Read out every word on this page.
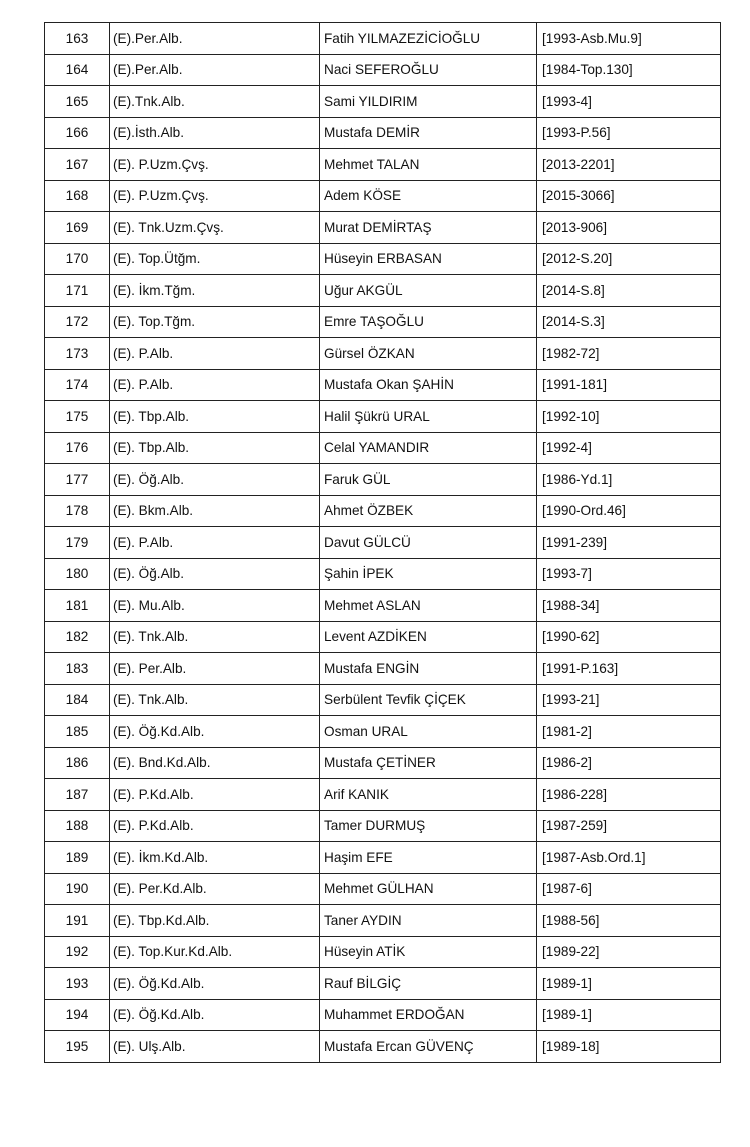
163	(E).Per.Alb.	Fatih YILMAZEZİCİOĞLU	[1993-Asb.Mu.9]
164	(E).Per.Alb.	Naci SEFEROĞLU	[1984-Top.130]
165	(E).Tnk.Alb.	Sami YILDIRIM	[1993-4]
166	(E).İsth.Alb.	Mustafa DEMİR	[1993-P.56]
167	(E). P.Uzm.Çvş.	Mehmet TALAN	[2013-2201]
168	(E). P.Uzm.Çvş.	Adem KÖSE	[2015-3066]
169	(E). Tnk.Uzm.Çvş.	Murat DEMİRTAŞ	[2013-906]
170	(E). Top.Ütğm.	Hüseyin ERBASAN	[2012-S.20]
171	(E). İkm.Tğm.	Uğur AKGÜL	[2014-S.8]
172	(E). Top.Tğm.	Emre TAŞOĞLU	[2014-S.3]
173	(E). P.Alb.	Gürsel ÖZKAN	[1982-72]
174	(E). P.Alb.	Mustafa Okan ŞAHİN	[1991-181]
175	(E). Tbp.Alb.	Halil Şükrü URAL	[1992-10]
176	(E). Tbp.Alb.	Celal YAMANDIR	[1992-4]
177	(E). Öğ.Alb.	Faruk GÜL	[1986-Yd.1]
178	(E). Bkm.Alb.	Ahmet ÖZBEK	[1990-Ord.46]
179	(E). P.Alb.	Davut GÜLCÜ	[1991-239]
180	(E). Öğ.Alb.	Şahin İPEK	[1993-7]
181	(E). Mu.Alb.	Mehmet ASLAN	[1988-34]
182	(E). Tnk.Alb.	Levent AZDİKEN	[1990-62]
183	(E). Per.Alb.	Mustafa ENGİN	[1991-P.163]
184	(E). Tnk.Alb.	Serbülent Tevfik ÇİÇEK	[1993-21]
185	(E). Öğ.Kd.Alb.	Osman URAL	[1981-2]
186	(E). Bnd.Kd.Alb.	Mustafa ÇETİNER	[1986-2]
187	(E). P.Kd.Alb.	Arif KANIK	[1986-228]
188	(E). P.Kd.Alb.	Tamer DURMUŞ	[1987-259]
189	(E). İkm.Kd.Alb.	Haşim EFE	[1987-Asb.Ord.1]
190	(E). Per.Kd.Alb.	Mehmet GÜLHAN	[1987-6]
191	(E). Tbp.Kd.Alb.	Taner AYDIN	[1988-56]
192	(E). Top.Kur.Kd.Alb.	Hüseyin ATİK	[1989-22]
193	(E). Öğ.Kd.Alb.	Rauf BİLGİÇ	[1989-1]
194	(E). Öğ.Kd.Alb.	Muhammet ERDOĞAN	[1989-1]
195	(E). Ulş.Alb.	Mustafa Ercan GÜVENÇ	[1989-18]
